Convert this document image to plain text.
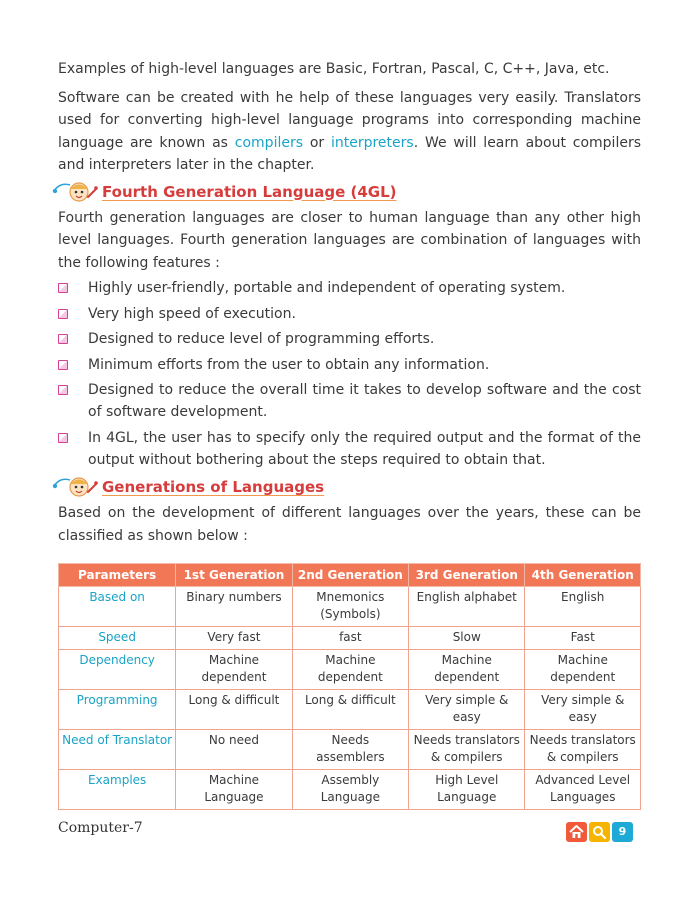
Examples of high-level languages are Basic, Fortran, Pascal, C, C++, Java, etc.

Software can be created with he help of these languages very easily. Translators used for converting high-level language programs into corresponding machine language are known as compilers or interpreters. We will learn about compilers and interpreters later in the chapter.

Fourth Generation Language (4GL)

Fourth generation languages are closer to human language than any other high level languages. Fourth generation languages are combination of languages with the following features :

Highly user-friendly, portable and independent of operating system.
Very high speed of execution.
Designed to reduce level of programming efforts.
Minimum efforts from the user to obtain any information.
Designed to reduce the overall time it takes to develop software and the cost of software development.
In 4GL, the user has to specify only the required output and the format of the output without bothering about the steps required to obtain that.
Generations of Languages

Based on the development of different languages over the years, these can be classified as shown below :

Parameters	1st Generation	2nd Generation	3rd Generation	4th Generation
Based on	Binary numbers	Mnemonics (Symbols)	English alphabet	English
Speed	Very fast	fast	Slow	Fast
Dependency	Machine dependent	Machine dependent	Machine dependent	Machine dependent
Programming	Long & difficult	Long & difficult	Very simple & easy	Very simple & easy
Need of Translator	No need	Needs assemblers	Needs translators & compilers	Needs translators & compilers
Examples	Machine Language	Assembly Language	High Level Language	Advanced Level Languages
Computer-7	9
